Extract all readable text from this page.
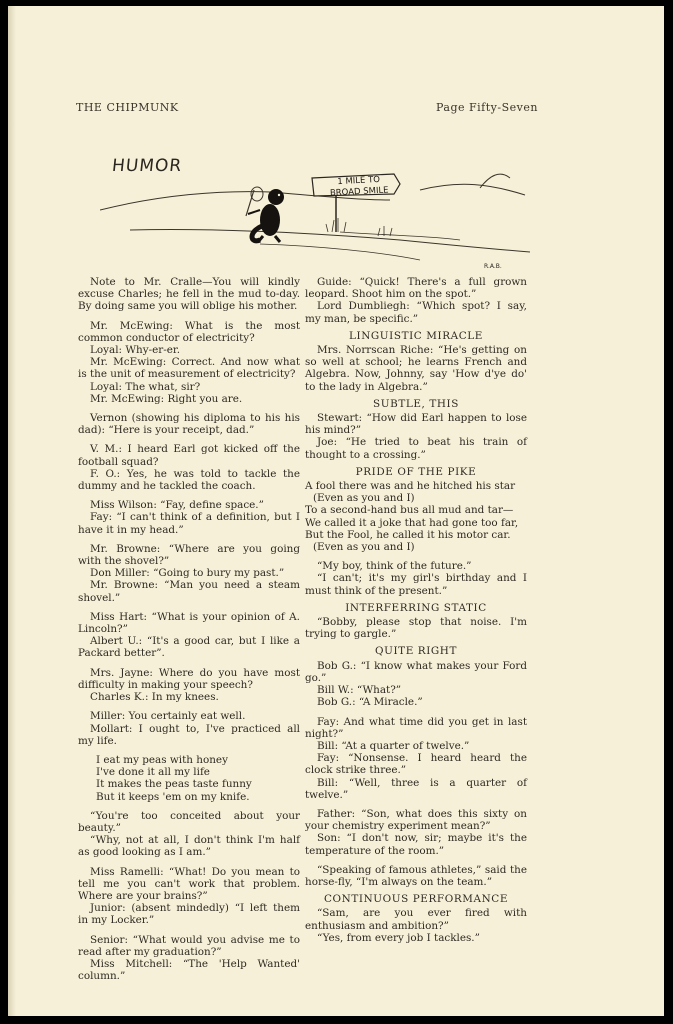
THE CHIPMUNK	Page Fifty-Seven
HUMOR
1 MILE TO
BROAD SMILE
R.A.B.

Note to Mr. Cralle—You will kindly excuse Charles; he fell in the mud to-day. By doing same you will oblige his mother.

Mr. McEwing: What is the most common conductor of electricity?

Loyal: Why-er-er.

Mr. McEwing: Correct. And now what is the unit of measurement of electricity?

Loyal: The what, sir?

Mr. McEwing: Right you are.

Vernon (showing his diploma to his his dad): “Here is your receipt, dad.”

V. M.: I heard Earl got kicked off the football squad?

F. O.: Yes, he was told to tackle the dummy and he tackled the coach.

Miss Wilson: “Fay, define space.”

Fay: “I can't think of a definition, but I have it in my head.”

Mr. Browne: “Where are you going with the shovel?”

Don Miller: “Going to bury my past.”

Mr. Browne: “Man you need a steam shovel.”

Miss Hart: “What is your opinion of A. Lincoln?”

Albert U.: “It's a good car, but I like a Packard better”.

Mrs. Jayne: Where do you have most difficulty in making your speech?

Charles K.: In my knees.

Miller: You certainly eat well.

Mollart: I ought to, I've practiced all my life.

I eat my peas with honey
I've done it all my life
It makes the peas taste funny
But it keeps 'em on my knife.

“You're too conceited about your beauty.”

“Why, not at all, I don't think I'm half as good looking as I am.”

Miss Ramelli: “What! Do you mean to tell me you can't work that problem. Where are your brains?”

Junior: (absent mindedly) “I left them in my Locker.”

Senior: “What would you advise me to read after my graduation?”

Miss Mitchell: “The 'Help Wanted' column.”

Guide: “Quick! There's a full grown leopard. Shoot him on the spot.”

Lord Dumbliegh: “Which spot? I say, my man, be specific.”

LINGUISTIC MIRACLE

Mrs. Norrscan Riche: “He's getting on so well at school; he learns French and Algebra. Now, Johnny, say 'How d'ye do' to the lady in Algebra.”

SUBTLE, THIS

Stewart: “How did Earl happen to lose his mind?”

Joe: “He tried to beat his train of thought to a crossing.”

PRIDE OF THE PIKE
A fool there was and he hitched his star
(Even as you and I)
To a second-hand bus all mud and tar—
We called it a joke that had gone too far,
But the Fool, he called it his motor car.
(Even as you and I)

“My boy, think of the future.”

“I can't; it's my girl's birthday and I must think of the present.”

INTERFERRING STATIC

“Bobby, please stop that noise. I'm trying to gargle.”

QUITE RIGHT

Bob G.: “I know what makes your Ford go.”

Bill W.: “What?”

Bob G.: “A Miracle.”

Fay: And what time did you get in last night?”

Bill: “At a quarter of twelve.”

Fay: “Nonsense. I heard heard the clock strike three.”

Bill: “Well, three is a quarter of twelve.”

Father: “Son, what does this sixty on your chemistry experiment mean?”

Son: “I don't now, sir; maybe it's the temperature of the room.”

“Speaking of famous athletes,” said the horse-fly, “I'm always on the team.”

CONTINUOUS PERFORMANCE

“Sam, are you ever fired with enthusiasm and ambition?”

“Yes, from every job I tackles.”
